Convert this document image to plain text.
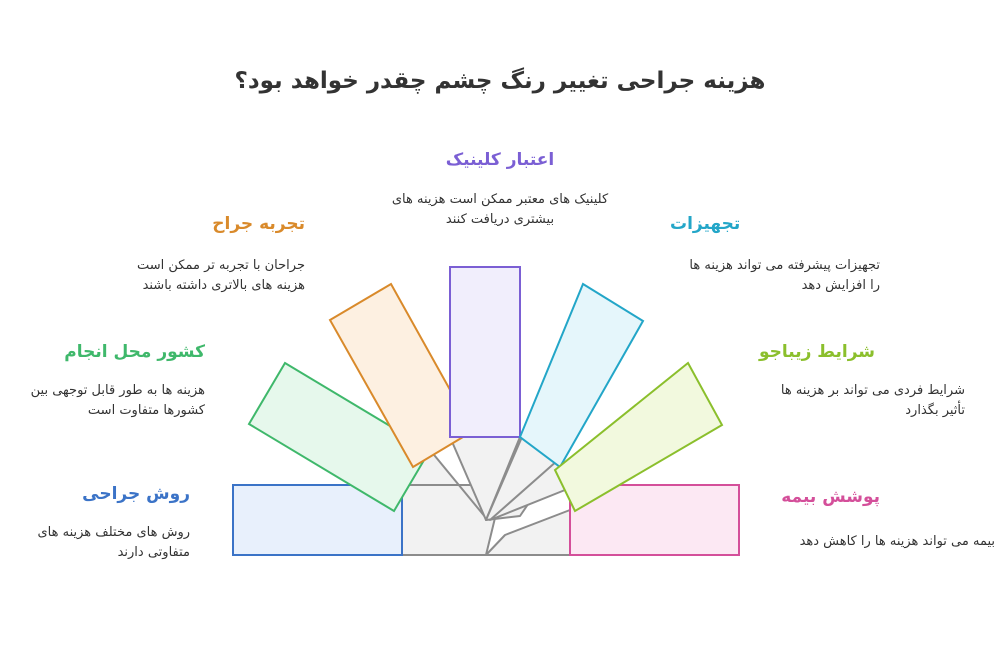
هزینه جراحی تغییر رنگ چشم چقدر خواهد بود؟
اعتبار کلینیک
کلینیک های معتبر ممکن است هزینه های
بیشتری دریافت کنند
تجربه جراح
جراحان با تجربه تر ممکن است
هزینه های بالاتری داشته باشند
تجهیزات
تجهیزات پیشرفته می تواند هزینه ها
را افزایش دهد
کشور محل انجام
هزینه ها به طور قابل توجهی بین
کشورها متفاوت است
شرایط زیباجو
شرایط فردی می تواند بر هزینه ها
تأثیر بگذارد
روش جراحی
روش های مختلف هزینه های
متفاوتی دارند
پوشش بیمه
بیمه می تواند هزینه ها را کاهش دهد
